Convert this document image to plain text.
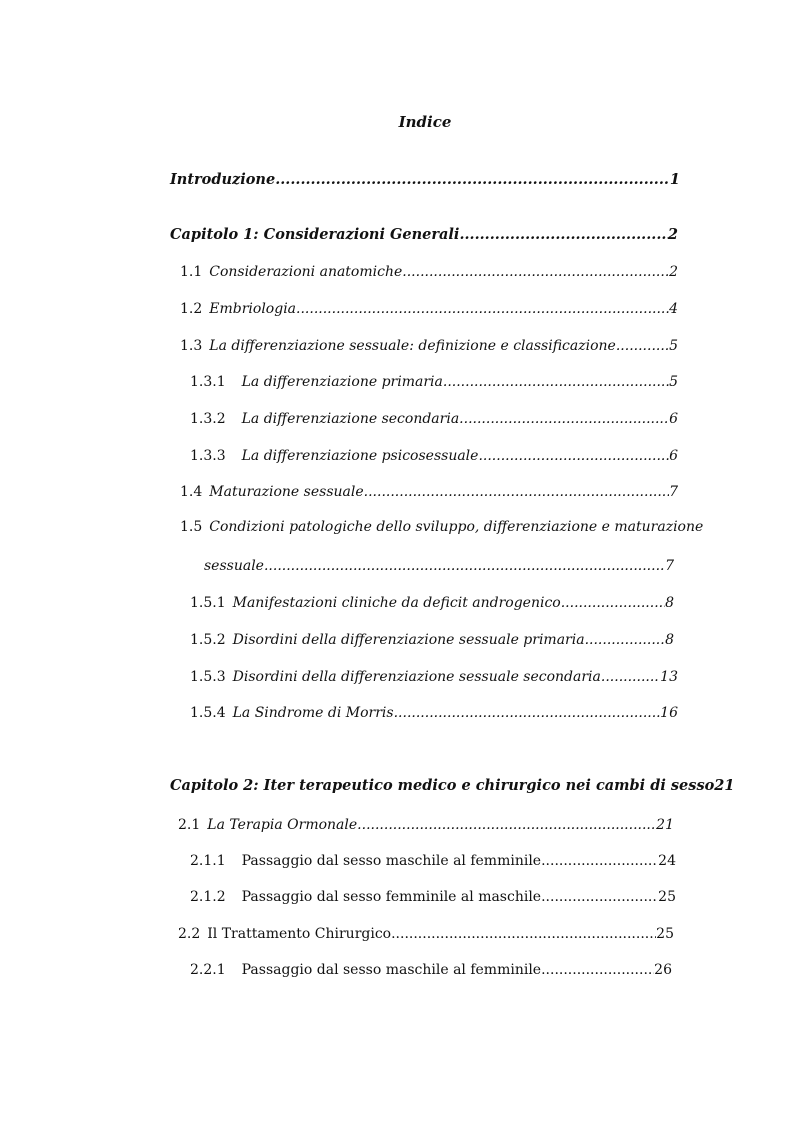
Indice
Introduzione .....	1
Capitolo 1: Considerazioni Generali .....	2
1.1 Considerazioni anatomiche .....	2
1.2 Embriologia .....	4
1.3 La differenziazione sessuale: definizione e classificazione .....	5
1.3.1 La differenziazione primaria .....	5
1.3.2 La differenziazione secondaria .....	6
1.3.3 La differenziazione psicosessuale .....	6
1.4 Maturazione sessuale .....	7
1.5 Condizioni patologiche dello sviluppo, differenziazione e maturazione
sessuale .....	7
1.5.1 Manifestazioni cliniche da deficit androgenico .....	8
1.5.2 Disordini della differenziazione sessuale primaria .....	8
1.5.3 Disordini della differenziazione sessuale secondaria .....	13
1.5.4 La Sindrome di Morris .....	16
Capitolo 2: Iter terapeutico medico e chirurgico nei cambi di sesso 21
2.1 La Terapia Ormonale .....	21
2.1.1 Passaggio dal sesso maschile al femminile .....	24
2.1.2 Passaggio dal sesso femminile al maschile .....	25
2.2 Il Trattamento Chirurgico .....	25
2.2.1 Passaggio dal sesso maschile al femminile .....	26
